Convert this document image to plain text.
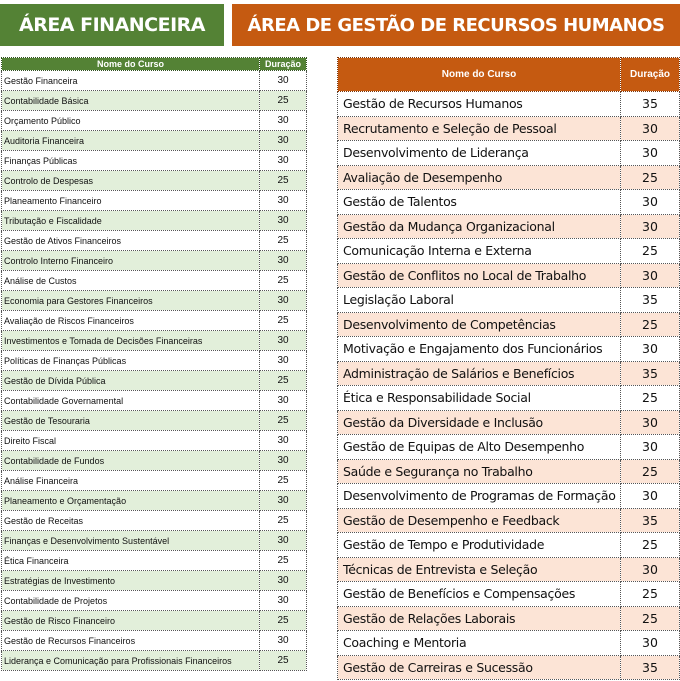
ÁREA FINANCEIRA	ÁREA DE GESTÃO DE RECURSOS HUMANOS
Nome do Curso	Duração
Gestão Financeira	30
Contabilidade Básica	25
Orçamento Público	30
Auditoria Financeira	30
Finanças Públicas	30
Controlo de Despesas	25
Planeamento Financeiro	30
Tributação e Fiscalidade	30
Gestão de Ativos Financeiros	25
Controlo Interno Financeiro	30
Análise de Custos	25
Economia para Gestores Financeiros	30
Avaliação de Riscos Financeiros	25
Investimentos e Tomada de Decisões Financeiras	30
Políticas de Finanças Públicas	30
Gestão de Dívida Pública	25
Contabilidade Governamental	30
Gestão de Tesouraria	25
Direito Fiscal	30
Contabilidade de Fundos	30
Análise Financeira	25
Planeamento e Orçamentação	30
Gestão de Receitas	25
Finanças e Desenvolvimento Sustentável	30
Ética Financeira	25
Estratégias de Investimento	30
Contabilidade de Projetos	30
Gestão de Risco Financeiro	25
Gestão de Recursos Financeiros	30
Liderança e Comunicação para Profissionais Financeiros	25
Nome do Curso	Duração
Gestão de Recursos Humanos	35
Recrutamento e Seleção de Pessoal	30
Desenvolvimento de Liderança	30
Avaliação de Desempenho	25
Gestão de Talentos	30
Gestão da Mudança Organizacional	30
Comunicação Interna e Externa	25
Gestão de Conflitos no Local de Trabalho	30
Legislação Laboral	35
Desenvolvimento de Competências	25
Motivação e Engajamento dos Funcionários	30
Administração de Salários e Benefícios	35
Ética e Responsabilidade Social	25
Gestão da Diversidade e Inclusão	30
Gestão de Equipas de Alto Desempenho	30
Saúde e Segurança no Trabalho	25
Desenvolvimento de Programas de Formação	30
Gestão de Desempenho e Feedback	35
Gestão de Tempo e Produtividade	25
Técnicas de Entrevista e Seleção	30
Gestão de Benefícios e Compensações	25
Gestão de Relações Laborais	25
Coaching e Mentoria	30
Gestão de Carreiras e Sucessão	35
